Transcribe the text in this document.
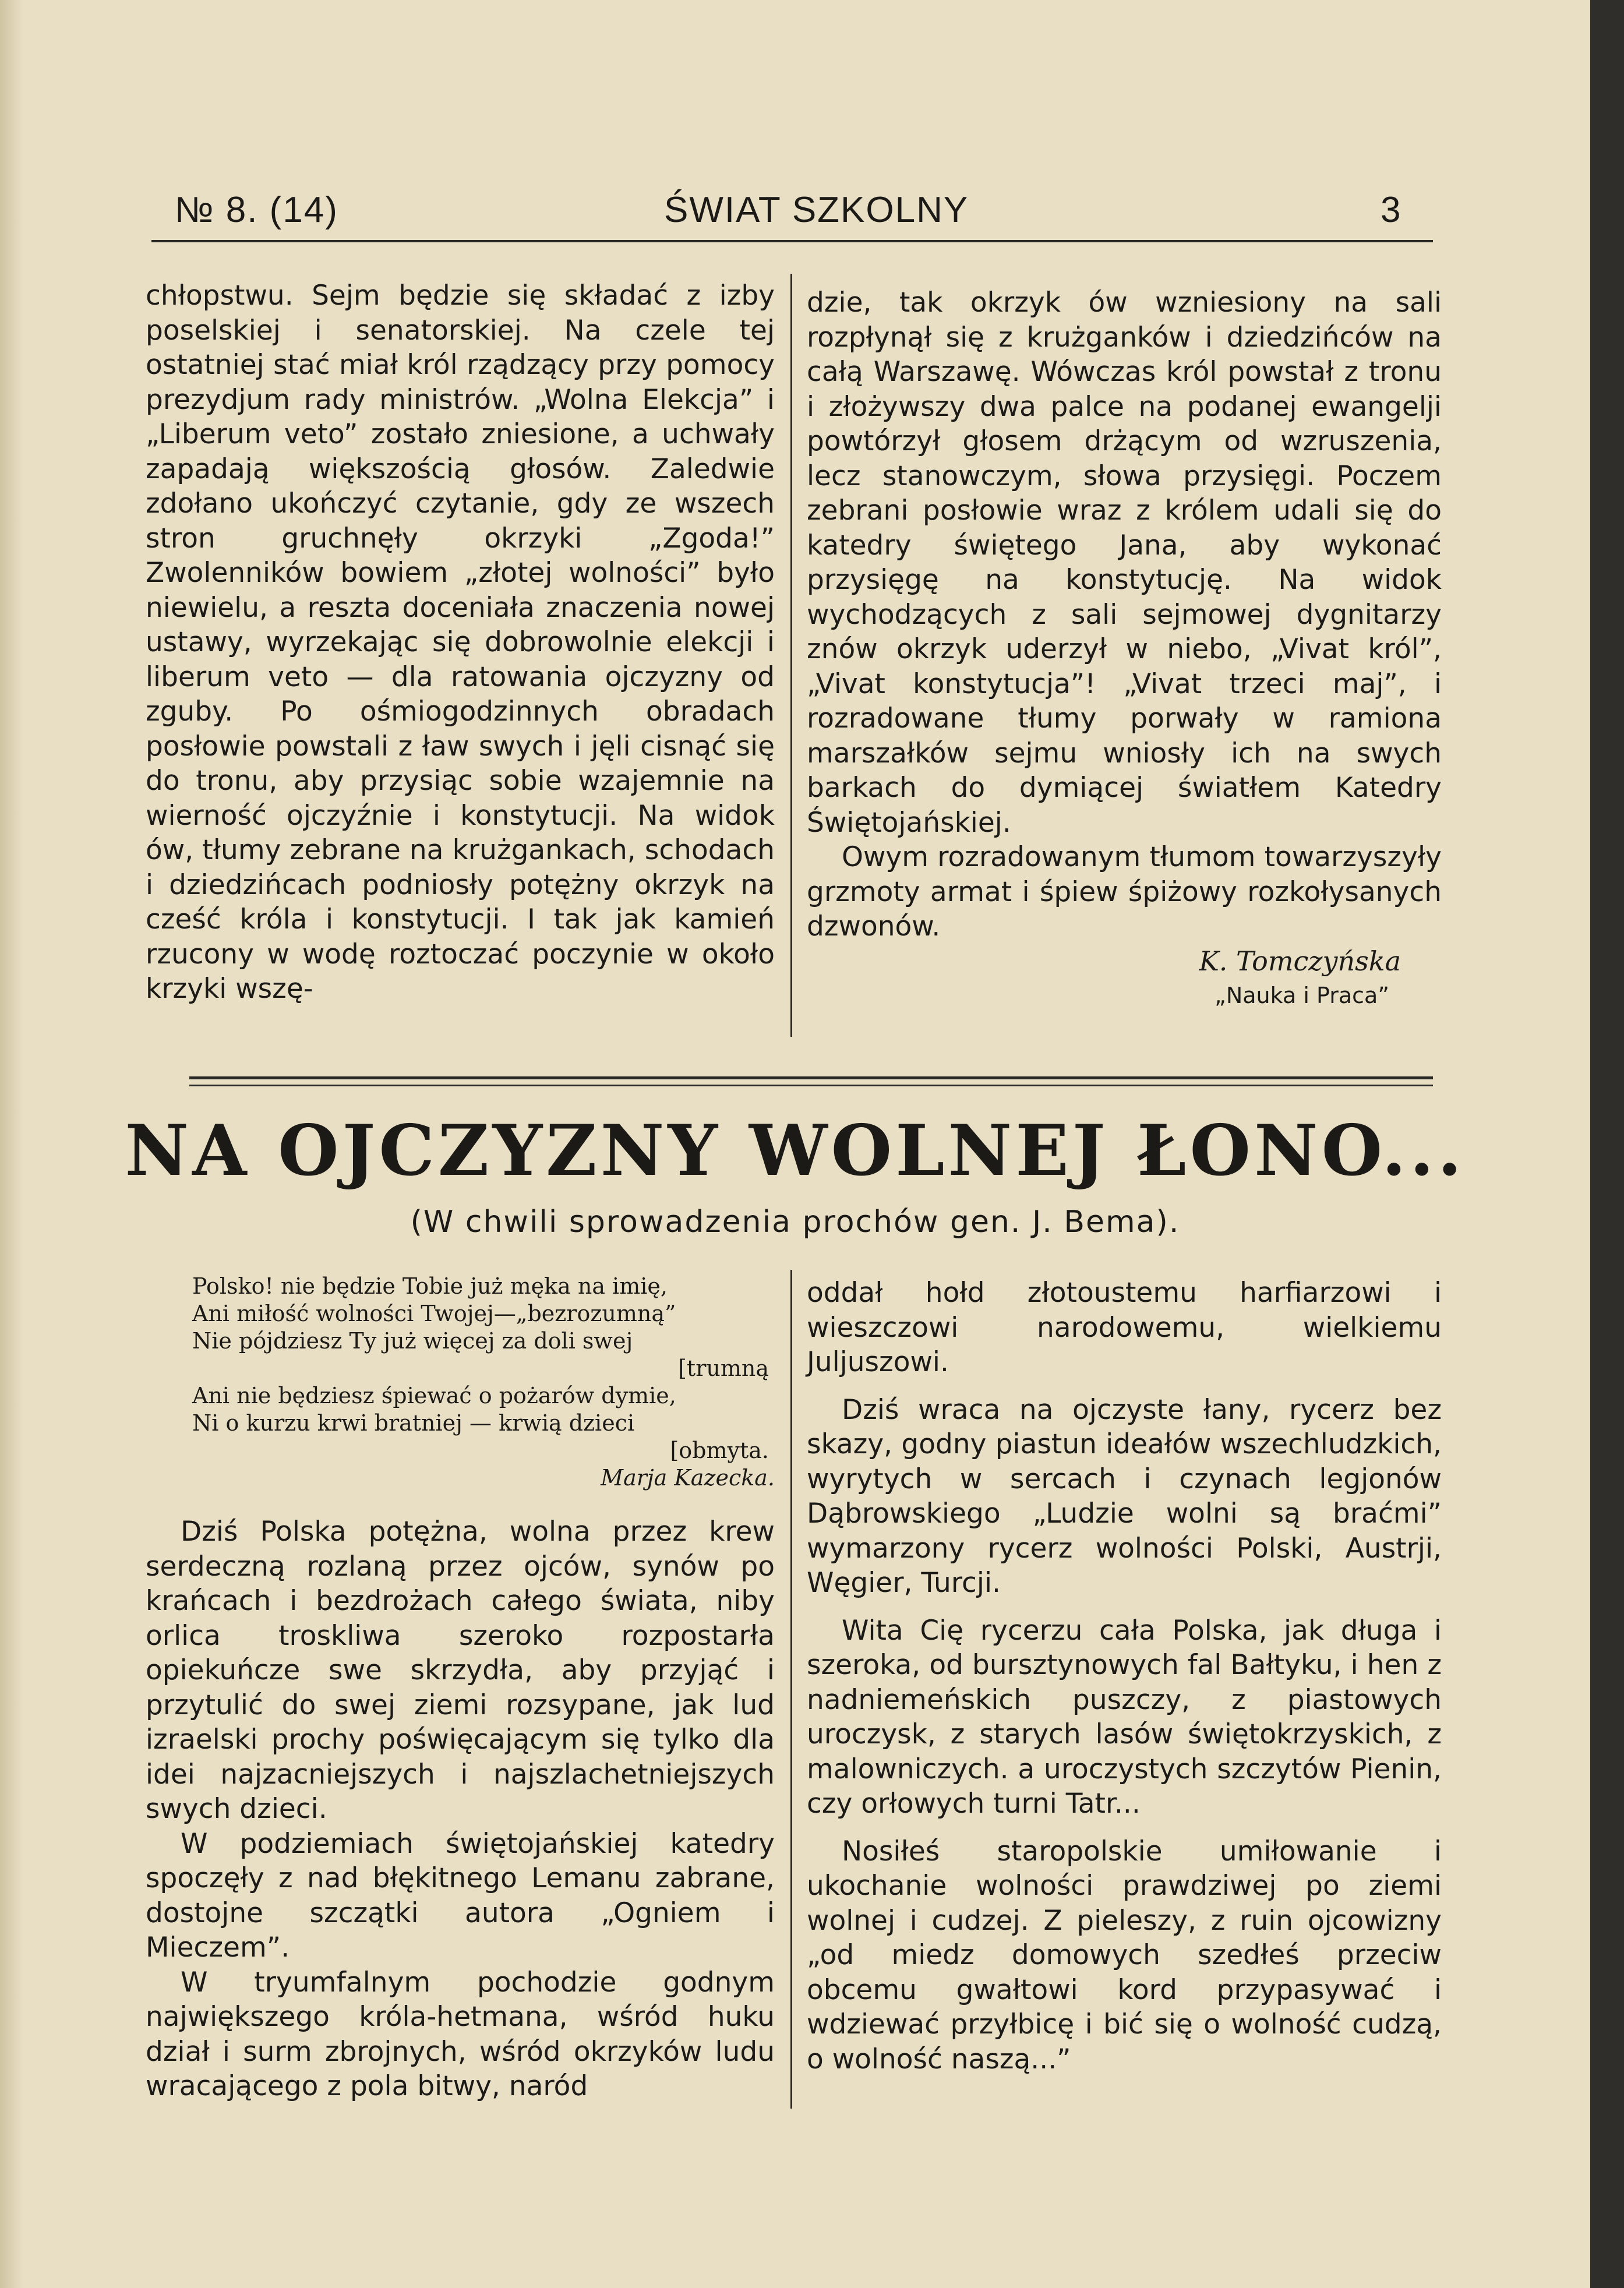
№ 8. (14)	ŚWIAT SZKOLNY	3

chłopstwu. Sejm będzie się składać z izby poselskiej i senatorskiej. Na czele tej ostatniej stać miał król rządzący przy pomocy prezydjum rady ministrów. „Wolna Elekcja” i „Liberum veto” zostało zniesione, a uchwały zapadają większością głosów. Zaledwie zdołano ukończyć czytanie, gdy ze wszech stron gruchnęły okrzyki „Zgoda!” Zwolenników bowiem „złotej wolności” było niewielu, a reszta doceniała znaczenia nowej ustawy, wyrzekając się dobrowolnie elekcji i liberum veto — dla ratowania ojczyzny od zguby. Po ośmiogodzinnych obradach posłowie powstali z ław swych i jęli cisnąć się do tronu, aby przysiąc sobie wzajemnie na wierność ojczyźnie i konstytucji. Na widok ów, tłumy zebrane na krużgankach, schodach i dziedzińcach podniosły potężny okrzyk na cześć króla i konstytucji. I tak jak kamień rzucony w wodę roztoczać poczynie w około krzyki wszę-

dzie, tak okrzyk ów wzniesiony na sali rozpłynął się z krużganków i dziedzińców na całą Warszawę. Wówczas król powstał z tronu i złożywszy dwa palce na podanej ewangelji powtórzył głosem drżącym od wzruszenia, lecz stanowczym, słowa przysięgi. Poczem zebrani posłowie wraz z królem udali się do katedry świętego Jana, aby wykonać przysięgę na konstytucję. Na widok wychodzących z sali sejmowej dygnitarzy znów okrzyk uderzył w niebo, „Vivat król”, „Vivat konstytucja”! „Vivat trzeci maj”, i rozradowane tłumy porwały w ramiona marszałków sejmu wniosły ich na swych barkach do dymiącej światłem Katedry Świętojańskiej.

Owym rozradowanym tłumom towarzyszyły grzmoty armat i śpiew śpiżowy rozkołysanych dzwonów.

K. Tomczyńska

„Nauka i Praca”

NA OJCZYZNY WOLNEJ ŁONO...

(W chwili sprowadzenia prochów gen. J. Bema).

Polsko! nie będzie Tobie już męka na imię,
Ani miłość wolności Twojej—„bezrozumną”
Nie pójdziesz Ty już więcej za doli swej
[trumną
Ani nie będziesz śpiewać o pożarów dymie,
Ni o kurzu krwi bratniej — krwią dzieci
[obmyta.
Marja Kazecka.

Dziś Polska potężna, wolna przez krew serdeczną rozlaną przez ojców, synów po krańcach i bezdrożach całego świata, niby orlica troskliwa szeroko rozpostarła opiekuńcze swe skrzydła, aby przyjąć i przytulić do swej ziemi rozsypane, jak lud izraelski prochy poświęcającym się tylko dla idei najzacniejszych i najszlachetniejszych swych dzieci.

W podziemiach świętojańskiej katedry spoczęły z nad błękitnego Lemanu zabrane, dostojne szczątki autora „Ogniem i Mieczem”.

W tryumfalnym pochodzie godnym największego króla-hetmana, wśród huku dział i surm zbrojnych, wśród okrzyków ludu wracającego z pola bitwy, naród

oddał hołd złotoustemu harfiarzowi i wieszczowi narodowemu, wielkiemu Juljuszowi.

Dziś wraca na ojczyste łany, rycerz bez skazy, godny piastun ideałów wszechludzkich, wyrytych w sercach i czynach legjonów Dąbrowskiego „Ludzie wolni są braćmi” wymarzony rycerz wolności Polski, Austrji, Węgier, Turcji.

Wita Cię rycerzu cała Polska, jak długa i szeroka, od bursztynowych fal Bałtyku, i hen z nadniemeńskich puszczy, z piastowych uroczysk, z starych lasów świętokrzyskich, z malowniczych. a uroczystych szczytów Pienin, czy orłowych turni Tatr...

Nosiłeś staropolskie umiłowanie i ukochanie wolności prawdziwej po ziemi wolnej i cudzej. Z pieleszy, z ruin ojcowizny „od miedz domowych szedłeś przeciw obcemu gwałtowi kord przypasywać i wdziewać przyłbicę i bić się o wolność cudzą, o wolność naszą...”
